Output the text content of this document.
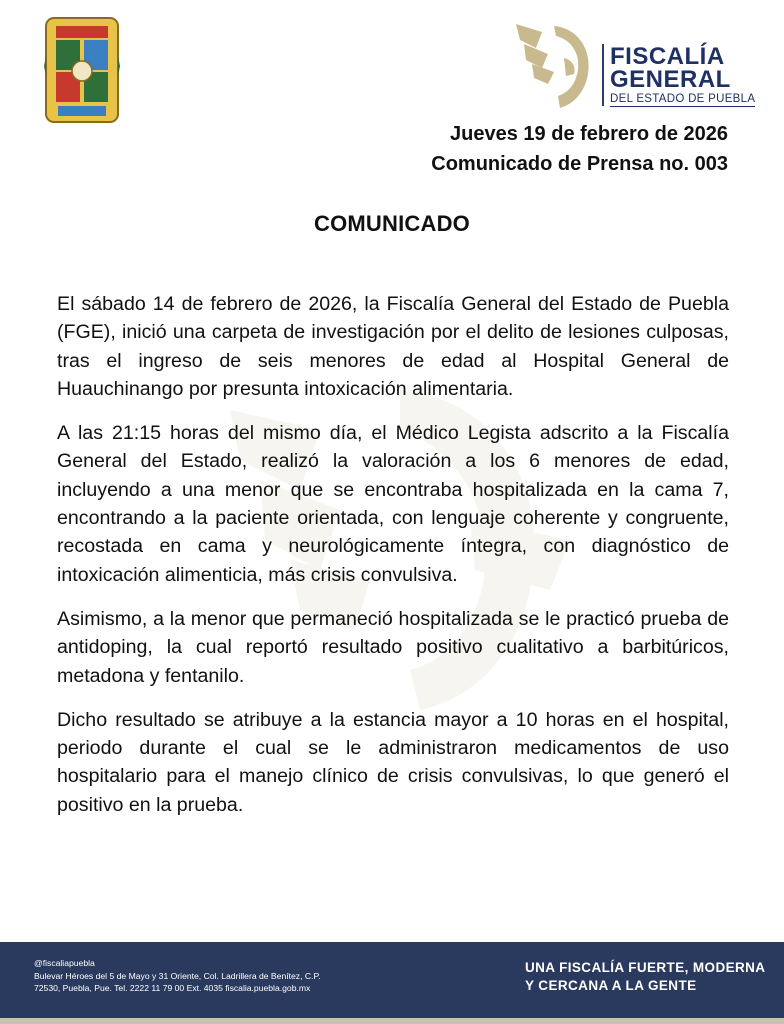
FISCALÍA
GENERAL
DEL ESTADO DE PUEBLA
Jueves 19 de febrero de 2026
Comunicado de Prensa no. 003
COMUNICADO

El sábado 14 de febrero de 2026, la Fiscalía General del Estado de Puebla (FGE), inició una carpeta de investigación por el delito de lesiones culposas, tras el ingreso de seis menores de edad al Hospital General de Huauchinango por presunta intoxicación alimentaria.

A las 21:15 horas del mismo día, el Médico Legista adscrito a la Fiscalía General del Estado, realizó la valoración a los 6 menores de edad, incluyendo a una menor que se encontraba hospitalizada en la cama 7, encontrando a la paciente orientada, con lenguaje coherente y congruente, recostada en cama y neurológicamente íntegra, con diagnóstico de intoxicación alimenticia, más crisis convulsiva.

Asimismo, a la menor que permaneció hospitalizada se le practicó prueba de antidoping, la cual reportó resultado positivo cualitativo a barbitúricos, metadona y fentanilo.

Dicho resultado se atribuye a la estancia mayor a 10 horas en el hospital, periodo durante el cual se le administraron medicamentos de uso hospitalario para el manejo clínico de crisis convulsivas, lo que generó el positivo en la prueba.

@fiscaliapuebla
Bulevar Héroes del 5 de Mayo y 31 Oriente, Col. Ladrillera de Benítez, C.P.
72530, Puebla, Pue. Tel. 2222 11 79 00 Ext. 4035 fiscalia.puebla.gob.mx
UNA FISCALÍA FUERTE, MODERNA
Y CERCANA A LA GENTE
